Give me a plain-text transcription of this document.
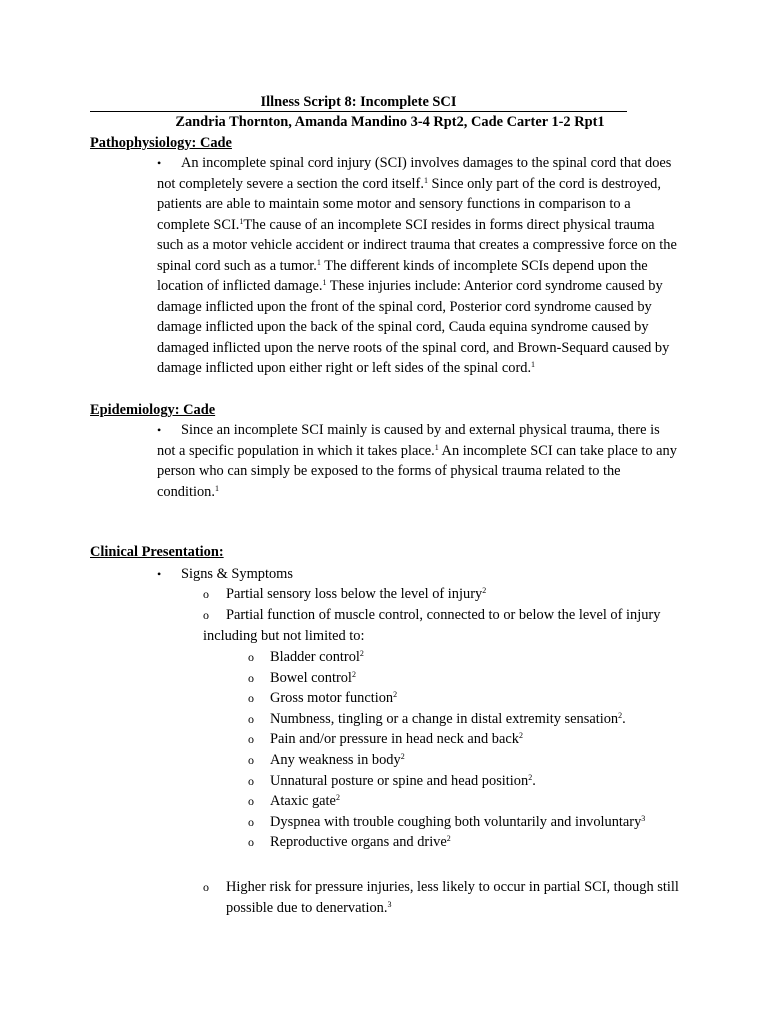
Illness Script 8: Incomplete SCI
Zandria Thornton, Amanda Mandino 3-4 Rpt2, Cade Carter 1-2 Rpt1
Pathophysiology: Cade
•	An incomplete spinal cord injury (SCI) involves damages to the spinal cord that does not completely severe a section the cord itself.$^1$ Since only part of the cord is destroyed, patients are able to maintain some motor and sensory functions in comparison to a complete SCI.$^1$The cause of an incomplete SCI resides in forms direct physical trauma such as a motor vehicle accident or indirect trauma that creates a compressive force on the spinal cord such as a tumor.$^1$ The different kinds of incomplete SCIs depend upon the location of inflicted damage.$^1$ These injuries include: Anterior cord syndrome caused by damage inflicted upon the front of the spinal cord, Posterior cord syndrome caused by damage inflicted upon the back of the spinal cord, Cauda equina syndrome caused by damaged inflicted upon the nerve roots of the spinal cord, and Brown-Sequard caused by damage inflicted upon either right or left sides of the spinal cord.$^1$
Epidemiology: Cade
•	Since an incomplete SCI mainly is caused by and external physical trauma, there is not a specific population in which it takes place.$^1$ An incomplete SCI can take place to any person who can simply be exposed to the forms of physical trauma related to the condition.$^1$
Clinical Presentation:
• Signs & Symptoms
o Partial sensory loss below the level of injury$^2$
o	Partial function of muscle control, connected to or below the level of injury including but not limited to:
o Bladder control$^2$
o Bowel control$^2$
o Gross motor function$^2$
o Numbness, tingling or a change in distal extremity sensation$^2$.
o Pain and/or pressure in head neck and back$^2$
o Any weakness in body$^2$
o Unnatural posture or spine and head position$^2$.
o Ataxic gate$^2$
o Dyspnea with trouble coughing both voluntarily and involuntary$^3$
o Reproductive organs and drive$^2$
o	Higher risk for pressure injuries, less likely to occur in partial SCI, though still possible due to denervation.$^3$
